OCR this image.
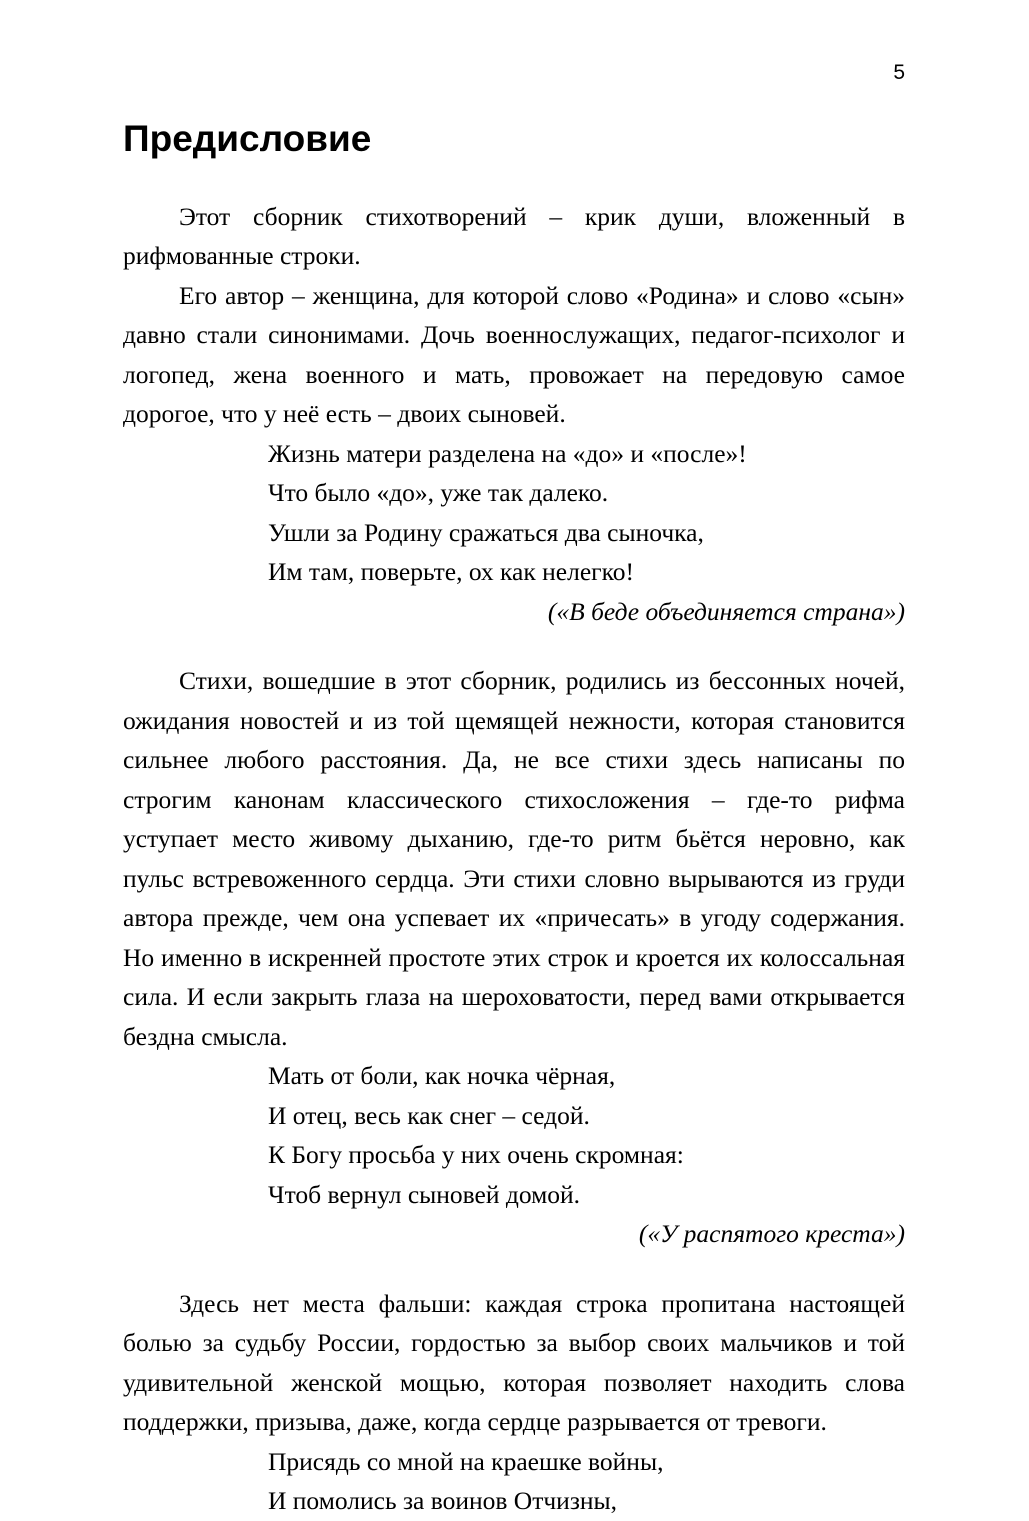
5
Предисловие

Этот сборник стихотворений – крик души, вложенный в рифмованные строки.

Его автор – женщина, для которой слово «Родина» и слово «сын» давно стали синонимами. Дочь военнослужащих, педагог-психолог и логопед, жена военного и мать, провожает на передовую самое дорогое, что у неё есть – двоих сыновей.

Жизнь матери разделена на «до» и «после»!
Что было «до», уже так далеко.
Ушли за Родину сражаться два сыночка,
Им там, поверьте, ох как нелегко!
(«В беде объединяется страна»)

Стихи, вошедшие в этот сборник, родились из бессонных ночей, ожидания новостей и из той щемящей нежности, которая становится сильнее любого расстояния. Да, не все стихи здесь написаны по строгим канонам классического стихосложения – где-то рифма уступает место живому дыханию, где-то ритм бьётся неровно, как пульс встревоженного сердца. Эти стихи словно вырываются из груди автора прежде, чем она успевает их «причесать» в угоду содержания. Но именно в искренней простоте этих строк и кроется их колоссальная сила. И если закрыть глаза на шероховатости, перед вами открывается бездна смысла.

Мать от боли, как ночка чёрная,
И отец, весь как снег – седой.
К Богу просьба у них очень скромная:
Чтоб вернул сыновей домой.
(«У распятого креста»)

Здесь нет места фальши: каждая строка пропитана настоящей болью за судьбу России, гордостью за выбор своих мальчиков и той удивительной женской мощью, которая позволяет находить слова поддержки, призыва, даже, когда сердце разрывается от тревоги.

Присядь со мной на краешке войны,
И помолись за воинов Отчизны,
